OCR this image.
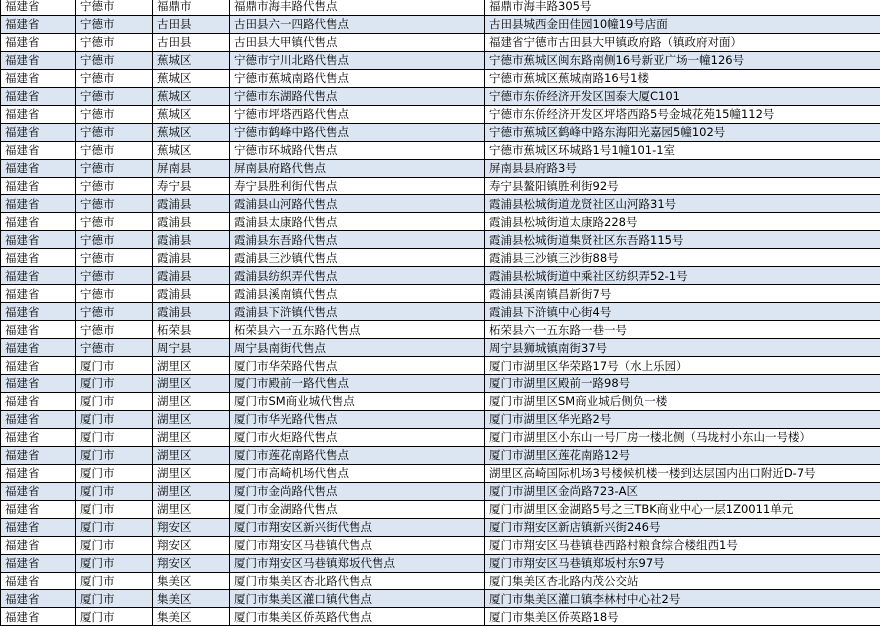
福建省	宁德市	福鼎市	福鼎市海丰路代售点	福鼎市海丰路305号
福建省	宁德市	古田县	古田县六一四路代售点	古田县城西金田佳园10幢19号店面
福建省	宁德市	古田县	古田县大甲镇代售点	福建省宁德市古田县大甲镇政府路（镇政府对面）
福建省	宁德市	蕉城区	宁德市宁川北路代售点	宁德市蕉城区闽东路南侧16号新亚广场一幢126号
福建省	宁德市	蕉城区	宁德市蕉城南路代售点	宁德市蕉城区蕉城南路16号1楼
福建省	宁德市	蕉城区	宁德市东湖路代售点	宁德市东侨经济开发区国泰大厦C101
福建省	宁德市	蕉城区	宁德市坪塔西路代售点	宁德市东侨经济开发区坪塔西路5号金城花苑15幢112号
福建省	宁德市	蕉城区	宁德市鹤峰中路代售点	宁德市蕉城区鹤峰中路东海阳光嘉园5幢102号
福建省	宁德市	蕉城区	宁德市环城路代售点	宁德市蕉城区环城路1号1幢101-1室
福建省	宁德市	屏南县	屏南县府路代售点	屏南县县府路3号
福建省	宁德市	寿宁县	寿宁县胜利街代售点	寿宁县鳌阳镇胜利街92号
福建省	宁德市	霞浦县	霞浦县山河路代售点	霞浦县松城街道龙贤社区山河路31号
福建省	宁德市	霞浦县	霞浦县太康路代售点	霞浦县松城街道太康路228号
福建省	宁德市	霞浦县	霞浦县东吾路代售点	霞浦县松城街道集贤社区东吾路115号
福建省	宁德市	霞浦县	霞浦县三沙镇代售点	霞浦县三沙镇三沙街88号
福建省	宁德市	霞浦县	霞浦县纺织弄代售点	霞浦县松城街道中乘社区纺织弄52-1号
福建省	宁德市	霞浦县	霞浦县溪南镇代售点	霞浦县溪南镇昌新街7号
福建省	宁德市	霞浦县	霞浦县下浒镇代售点	霞浦县下浒镇中心街4号
福建省	宁德市	柘荣县	柘荣县六一五东路代售点	柘荣县六一五东路一巷一号
福建省	宁德市	周宁县	周宁县南街代售点	周宁县狮城镇南街37号
福建省	厦门市	湖里区	厦门市华荣路代售点	厦门市湖里区华荣路17号（水上乐园）
福建省	厦门市	湖里区	厦门市殿前一路代售点	厦门市湖里区殿前一路98号
福建省	厦门市	湖里区	厦门市SM商业城代售点	厦门市湖里区SM商业城后侧负一楼
福建省	厦门市	湖里区	厦门市华光路代售点	厦门市湖里区华光路2号
福建省	厦门市	湖里区	厦门市火炬路代售点	厦门市湖里区小东山一号厂房一楼北侧（马垅村小东山一号楼）
福建省	厦门市	湖里区	厦门市莲花南路代售点	厦门市湖里区莲花南路12号
福建省	厦门市	湖里区	厦门市高崎机场代售点	湖里区高崎国际机场3号楼候机楼一楼到达层国内出口附近D-7号
福建省	厦门市	湖里区	厦门市金尚路代售点	厦门市湖里区金尚路723-A区
福建省	厦门市	湖里区	厦门市金湖路代售点	厦门市湖里区金湖路5号之三TBK商业中心一层1Z0011单元
福建省	厦门市	翔安区	厦门市翔安区新兴街代售点	厦门市翔安区新店镇新兴街246号
福建省	厦门市	翔安区	厦门市翔安区马巷镇代售点	厦门市翔安区马巷镇巷西路村粮食综合楼组西1号
福建省	厦门市	翔安区	厦门市翔安区马巷镇郑坂代售点	厦门市翔安区马巷镇郑坂村东97号
福建省	厦门市	集美区	厦门市集美区杏北路代售点	厦门集美区杏北路内茂公交站
福建省	厦门市	集美区	厦门市集美区灌口镇代售点	厦门市集美区灌口镇李林村中心社2号
福建省	厦门市	集美区	厦门市集美区侨英路代售点	厦门市集美区侨英路18号
